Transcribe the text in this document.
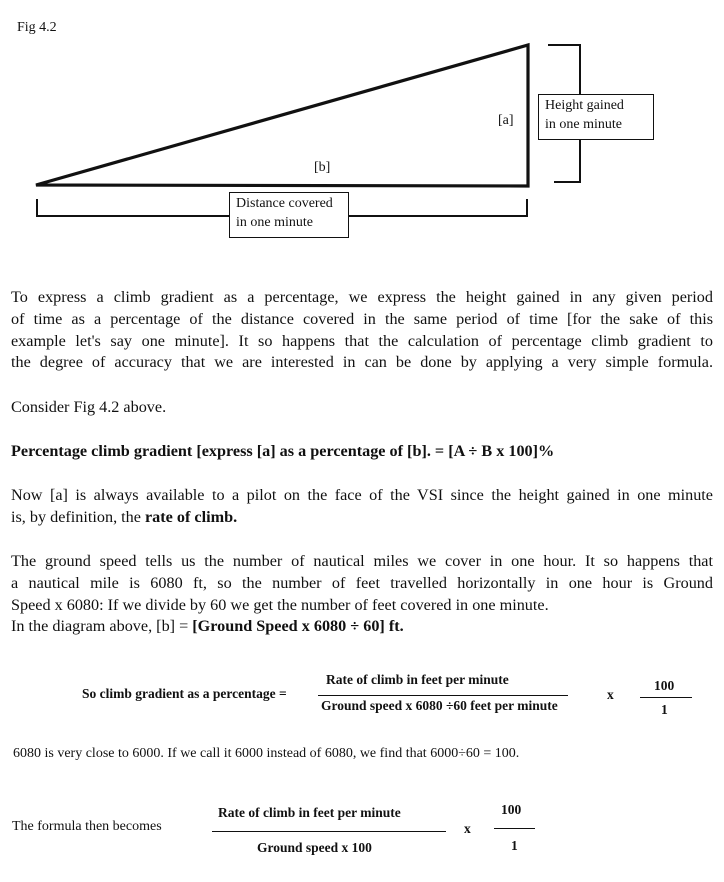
Fig 4.2
[a]
[b]
Height gained
in one minute
Distance covered
in one minute
To express a climb gradient as a percentage, we express the height gained in any given period
of time as a percentage of the distance covered in the same period of time [for the sake of this
example let's say one minute]. It so happens that the calculation of percentage climb gradient to
the degree of accuracy that we are interested in can be done by applying a very simple formula.
Consider Fig 4.2 above.
Percentage climb gradient [express [a] as a percentage of [b]. = [A ÷ B x 100]%
Now [a] is always available to a pilot on the face of the VSI since the height gained in one minute
is, by definition, the rate of climb.
The ground speed tells us the number of nautical miles we cover in one hour. It so happens that
a nautical mile is 6080 ft, so the number of feet travelled horizontally in one hour is Ground
Speed x 6080: If we divide by 60 we get the number of feet covered in one minute.
In the diagram above, [b] = [Ground Speed x 6080 ÷ 60] ft.
So climb gradient as a percentage =
Rate of climb in feet per minute
Ground speed x 6080 ÷60 feet per minute
x
100
1
6080 is very close to 6000. If we call it 6000 instead of 6080, we find that 6000÷60 = 100.
The formula then becomes
Rate of climb in feet per minute
Ground speed x 100
x
100
1
